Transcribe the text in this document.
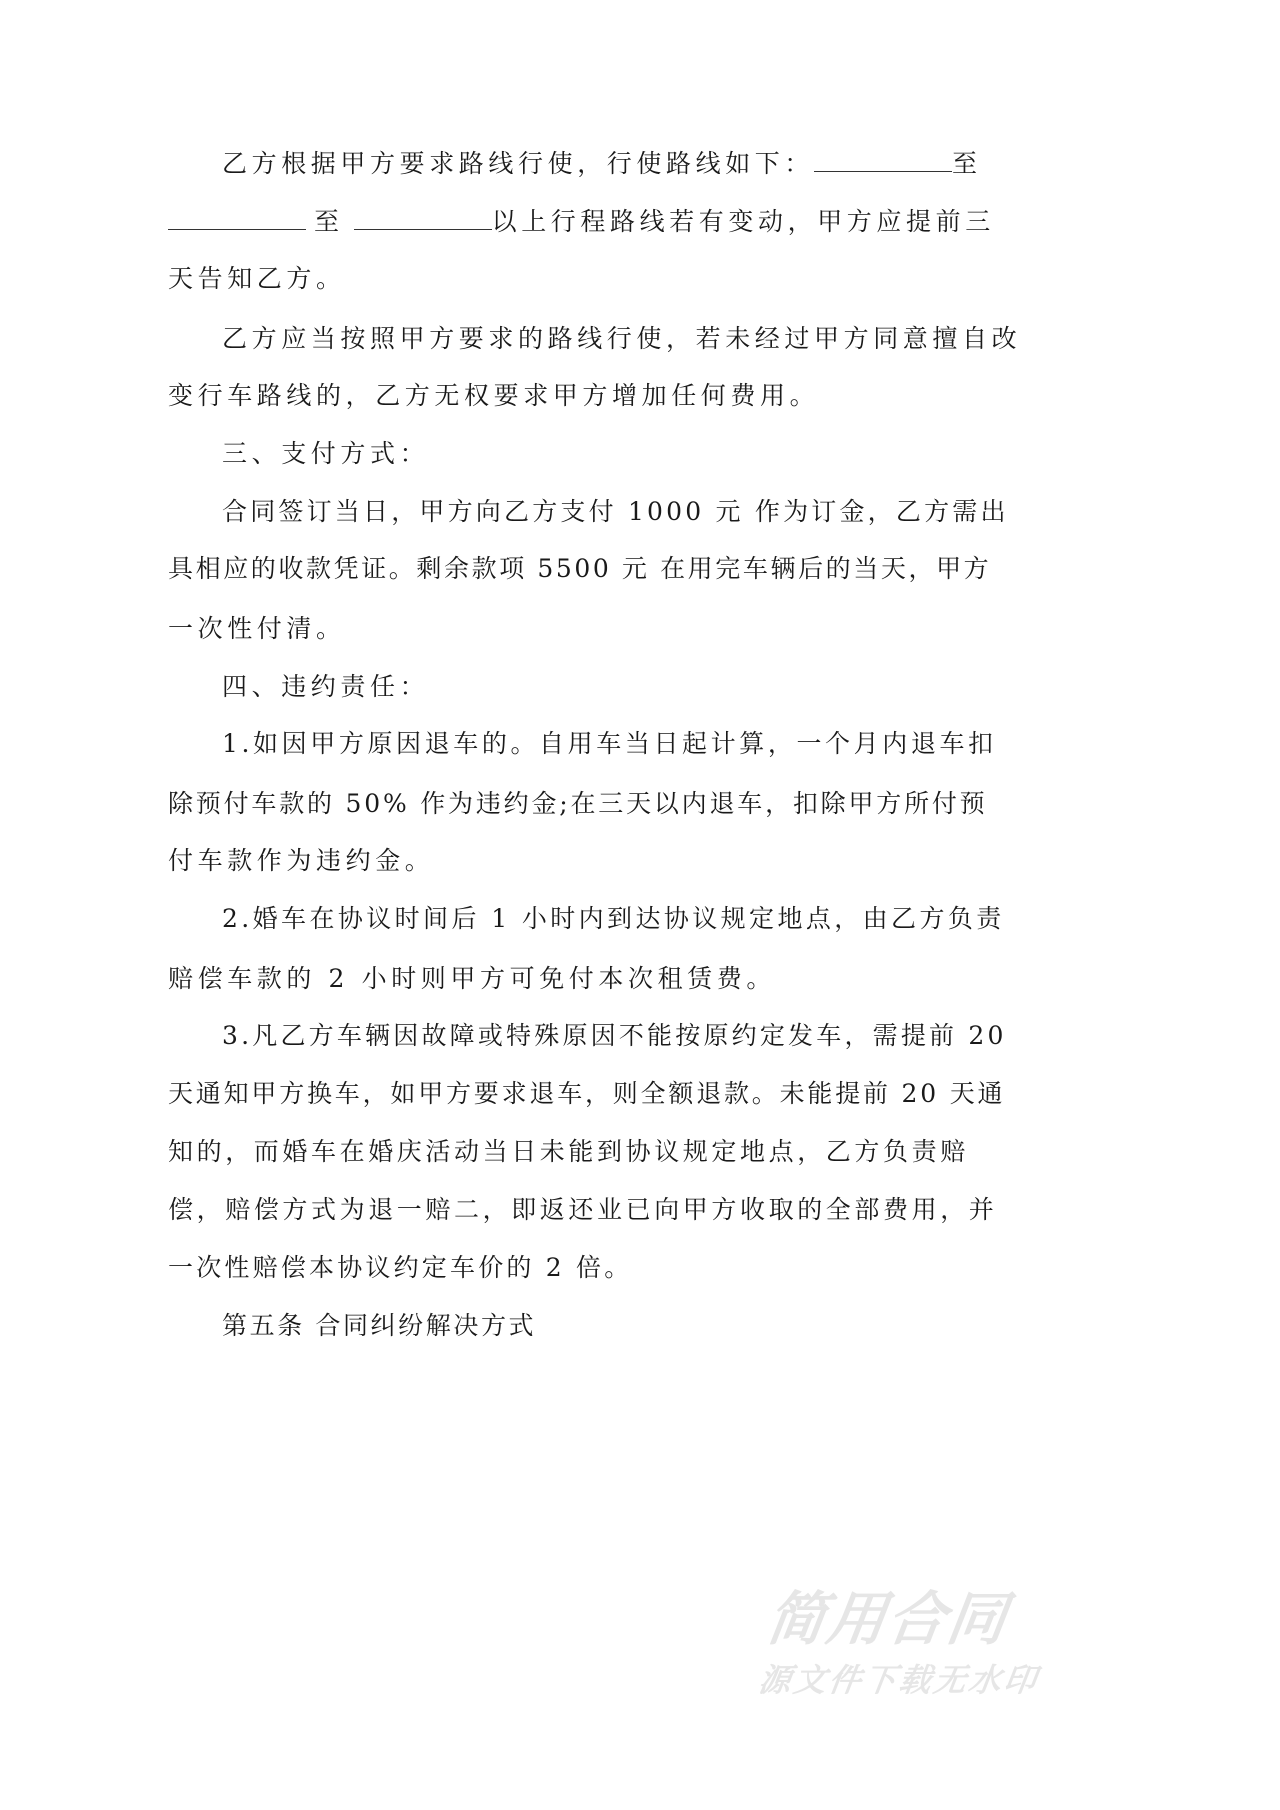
乙方根据甲方要求路线行使，行使路线如下：	至
至	以上行程路线若有变动，甲方应提前三
天告知乙方。
乙方应当按照甲方要求的路线行使，若未经过甲方同意擅自改
变行车路线的，乙方无权要求甲方增加任何费用。
三、支付方式：
合同签订当日，甲方向乙方支付 1000 元 作为订金，乙方需出
具相应的收款凭证。剩余款项 5500 元 在用完车辆后的当天，甲方
一次性付清。
四、违约责任：
1.如因甲方原因退车的。自用车当日起计算，一个月内退车扣
除预付车款的 50% 作为违约金;在三天以内退车，扣除甲方所付预
付车款作为违约金。
2.婚车在协议时间后 1 小时内到达协议规定地点，由乙方负责
赔偿车款的 2 小时则甲方可免付本次租赁费。
3.凡乙方车辆因故障或特殊原因不能按原约定发车，需提前 20
天通知甲方换车，如甲方要求退车，则全额退款。未能提前 20 天通
知的，而婚车在婚庆活动当日未能到协议规定地点，乙方负责赔
偿，赔偿方式为退一赔二，即返还业已向甲方收取的全部费用，并
一次性赔偿本协议约定车价的 2 倍。
第五条 合同纠纷解决方式
简用合同
源文件下载无水印
